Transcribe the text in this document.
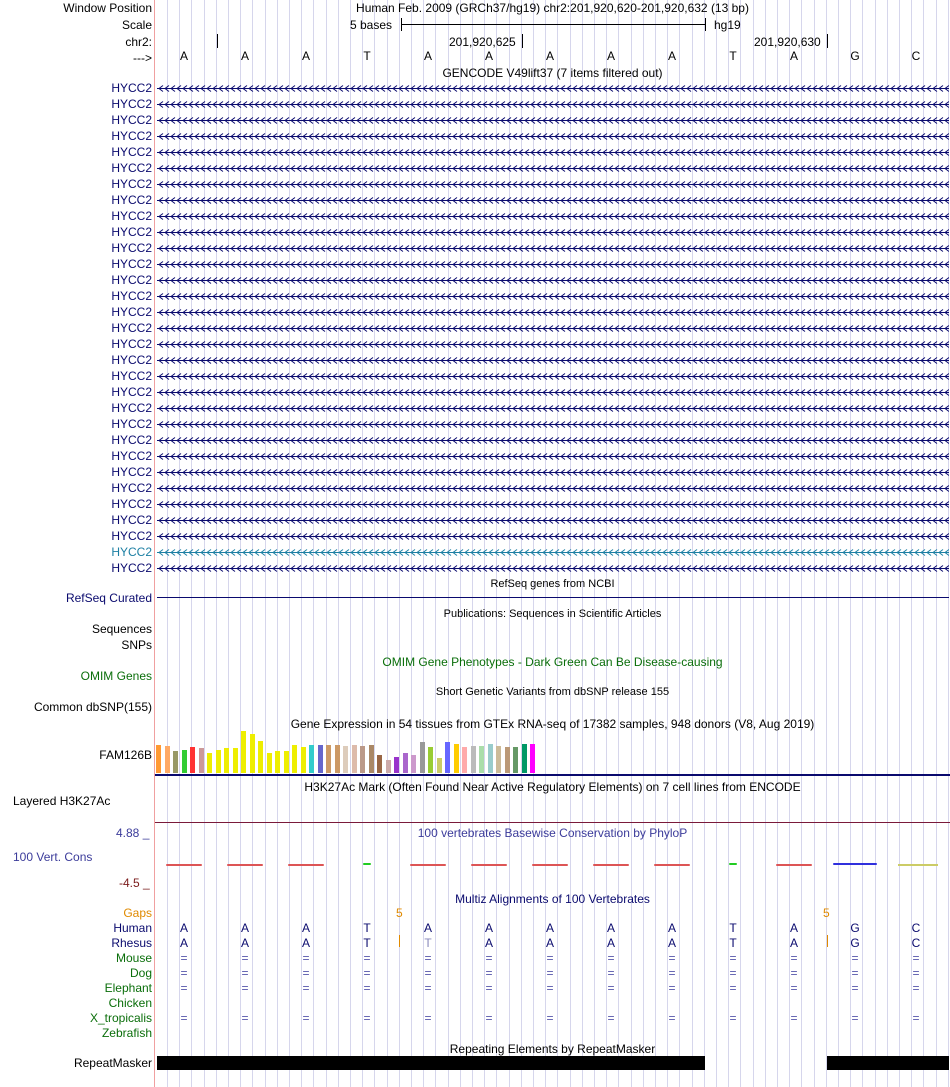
Window Position	Human Feb. 2009 (GRCh37/hg19) chr2:201,920,620-201,920,632 (13 bp)
Scale	5 bases	hg19
chr2:	201,920,625	201,920,630
--->	A	A	A	T	A	A	A	A	A	T	A	G	C
GENCODE V49lift37 (7 items filtered out)
HYCC2
HYCC2
HYCC2
HYCC2
HYCC2
HYCC2
HYCC2
HYCC2
HYCC2
HYCC2
HYCC2
HYCC2
HYCC2
HYCC2
HYCC2
HYCC2
HYCC2
HYCC2
HYCC2
HYCC2
HYCC2
HYCC2
HYCC2
HYCC2
HYCC2
HYCC2
HYCC2
HYCC2
HYCC2
HYCC2
HYCC2
RefSeq genes from NCBI
RefSeq Curated
Publications: Sequences in Scientific Articles
Sequences
SNPs
OMIM Gene Phenotypes - Dark Green Can Be Disease-causing
OMIM Genes
Short Genetic Variants from dbSNP release 155
Common dbSNP(155)
Gene Expression in 54 tissues from GTEx RNA-seq of 17382 samples, 948 donors (V8, Aug 2019)
FAM126B
H3K27Ac Mark (Often Found Near Active Regulatory Elements) on 7 cell lines from ENCODE
Layered H3K27Ac
4.88 _	100 vertebrates Basewise Conservation by PhyloP
100 Vert. Cons
-4.5 _
Multiz Alignments of 100 Vertebrates
Gaps	5	5
Human	A	A	A	T	A	A	A	A	A	T	A	G	C
Rhesus	A	A	A	T	T	A	A	A	A	T	A	G	C
Mouse	=	=	=	=	=	=	=	=	=	=	=	=	=
Dog	=	=	=	=	=	=	=	=	=	=	=	=	=
Elephant	=	=	=	=	=	=	=	=	=	=	=	=	=
Chicken
X_tropicalis	=	=	=	=	=	=	=	=	=	=	=	=	=
Zebrafish
Repeating Elements by RepeatMasker
RepeatMasker
